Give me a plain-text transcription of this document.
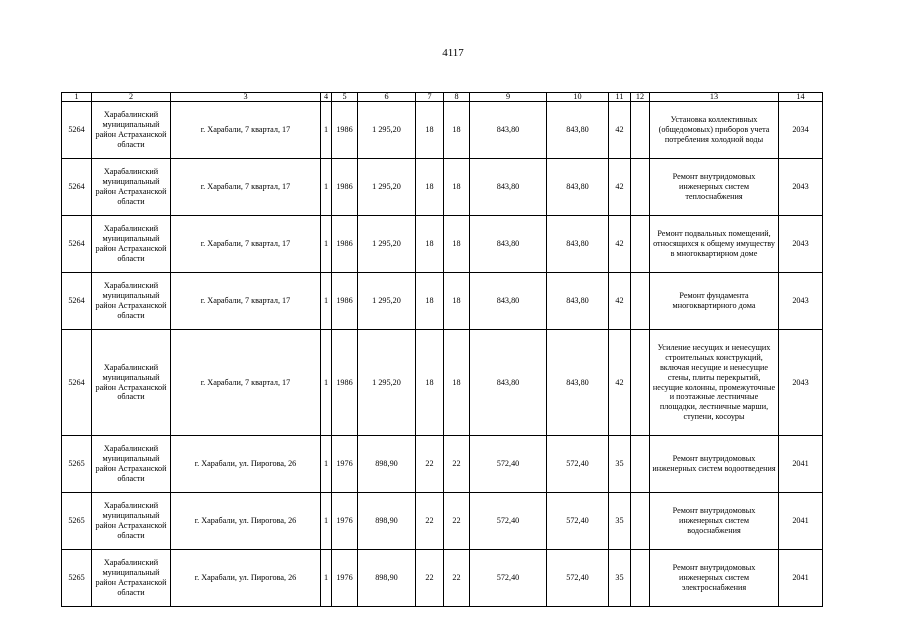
4117
1	2	3	4	5	6	7	8	9	10	11	12	13	14
5264	Харабалинский муниципальный район Астраханской области	г. Харабали, 7 квартал, 17	1	1986	1 295,20	18	18	843,80	843,80	42		Установка коллективных (общедомовых) приборов учета потребления холодной воды	2034
5264	Харабалинский муниципальный район Астраханской области	г. Харабали, 7 квартал, 17	1	1986	1 295,20	18	18	843,80	843,80	42		Ремонт внутридомовых инженерных систем теплоснабжения	2043
5264	Харабалинский муниципальный район Астраханской области	г. Харабали, 7 квартал, 17	1	1986	1 295,20	18	18	843,80	843,80	42		Ремонт подвальных помещений, относящихся к общему имуществу в многоквартирном доме	2043
5264	Харабалинский муниципальный район Астраханской области	г. Харабали, 7 квартал, 17	1	1986	1 295,20	18	18	843,80	843,80	42		Ремонт фундамента многоквартирного дома	2043
5264	Харабалинский муниципальный район Астраханской области	г. Харабали, 7 квартал, 17	1	1986	1 295,20	18	18	843,80	843,80	42		Усиление несущих и ненесущих строительных конструкций, включая несущие и ненесущие стены, плиты перекрытий, несущие колонны, промежуточные и поэтажные лестничные площадки, лестничные марши, ступени, косоуры	2043
5265	Харабалинский муниципальный район Астраханской области	г. Харабали, ул. Пирогова, 26	1	1976	898,90	22	22	572,40	572,40	35		Ремонт внутридомовых инженерных систем водоотведения	2041
5265	Харабалинский муниципальный район Астраханской области	г. Харабали, ул. Пирогова, 26	1	1976	898,90	22	22	572,40	572,40	35		Ремонт внутридомовых инженерных систем водоснабжения	2041
5265	Харабалинский муниципальный район Астраханской области	г. Харабали, ул. Пирогова, 26	1	1976	898,90	22	22	572,40	572,40	35		Ремонт внутридомовых инженерных систем электроснабжения	2041
